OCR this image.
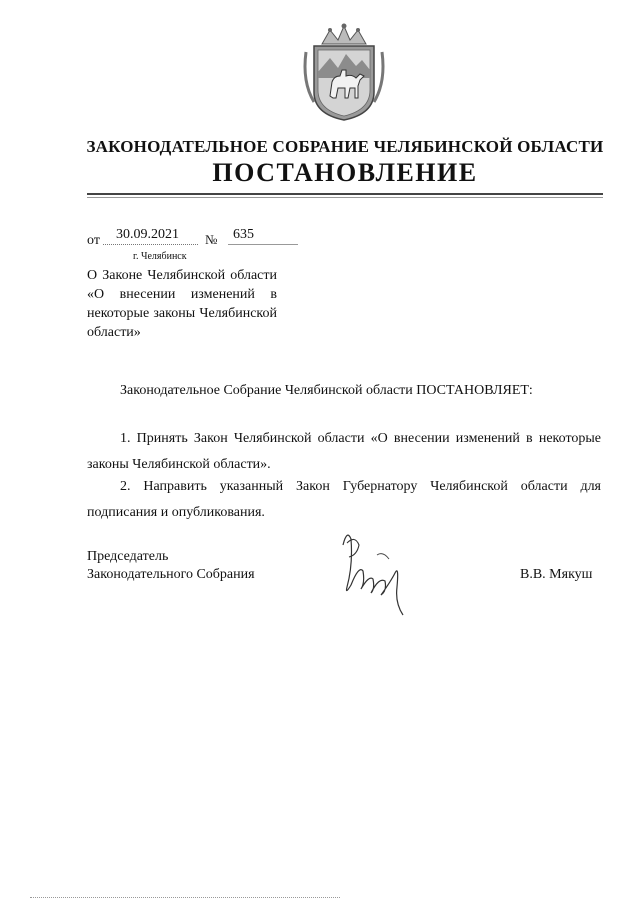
ЗАКОНОДАТЕЛЬНОЕ СОБРАНИЕ ЧЕЛЯБИНСКОЙ ОБЛАСТИ
ПОСТАНОВЛЕНИЕ
от 30.09.2021 № 635
г. Челябинск
О Законе Челябинской области «О внесении изменений в некоторые законы Челябинской области»
Законодательное Собрание Челябинской области ПОСТАНОВЛЯЕТ:
1. Принять Закон Челябинской области «О внесении изменений в некоторые законы Челябинской области».
2. Направить указанный Закон Губернатору Челябинской области для подписания и опубликования.
Председатель
Законодательного Собрания	В.В. Мякуш
